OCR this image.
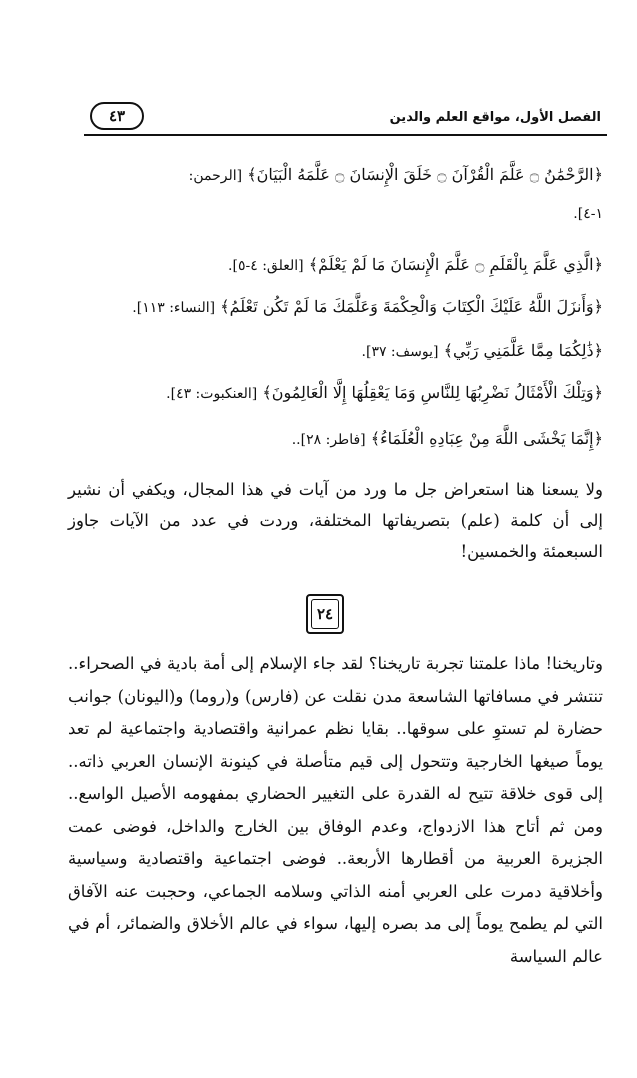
الفصل الأول، مواقع العلم والدين
٤٣
﴿الرَّحْمَٰنُ ۝ عَلَّمَ الْقُرْآنَ ۝ خَلَقَ الْإِنسَانَ ۝ عَلَّمَهُ الْبَيَانَ﴾ [الرحمن:
١-٤].
﴿الَّذِي عَلَّمَ بِالْقَلَمِ ۝ عَلَّمَ الْإِنسَانَ مَا لَمْ يَعْلَمْ﴾ [العلق: ٤-٥].
﴿وَأَنزَلَ اللَّهُ عَلَيْكَ الْكِتَابَ وَالْحِكْمَةَ وَعَلَّمَكَ مَا لَمْ تَكُن تَعْلَمُ﴾ [النساء: ١١٣].
﴿ذَٰلِكُمَا مِمَّا عَلَّمَنِي رَبِّي﴾ [يوسف: ٣٧].
﴿وَتِلْكَ الْأَمْثَالُ نَضْرِبُهَا لِلنَّاسِ وَمَا يَعْقِلُهَا إِلَّا الْعَالِمُونَ﴾ [العنكبوت: ٤٣].
﴿إِنَّمَا يَخْشَى اللَّهَ مِنْ عِبَادِهِ الْعُلَمَاءُ﴾ [فاطر: ٢٨]..

ولا يسعنا هنا استعراض جل ما ورد من آيات في هذا المجال، ويكفي أن نشير إلى أن كلمة (علم) بتصريفاتها المختلفة، وردت في عدد من الآيات جاوز السبعمئة والخمسين!

٢٤

وتاريخنا! ماذا علمتنا تجربة تاريخنا؟ لقد جاء الإسلام إلى أمة بادية في الصحراء.. تنتشر في مسافاتها الشاسعة مدن نقلت عن (فارس) و(روما) و(اليونان) جوانب حضارة لم تستوِ على سوقها.. بقايا نظم عمرانية واقتصادية واجتماعية لم تعد يوماً صيغها الخارجية وتتحول إلى قيم متأصلة في كينونة الإنسان العربي ذاته.. إلى قوى خلاقة تتيح له القدرة على التغيير الحضاري بمفهومه الأصيل الواسع.. ومن ثم أتاح هذا الازدواج، وعدم الوفاق بين الخارج والداخل، فوضى عمت الجزيرة العربية من أقطارها الأربعة.. فوضى اجتماعية واقتصادية وسياسية وأخلاقية دمرت على العربي أمنه الذاتي وسلامه الجماعي، وحجبت عنه الآفاق التي لم يطمح يوماً إلى مد بصره إليها، سواء في عالم الأخلاق والضمائر، أم في عالم السياسة
